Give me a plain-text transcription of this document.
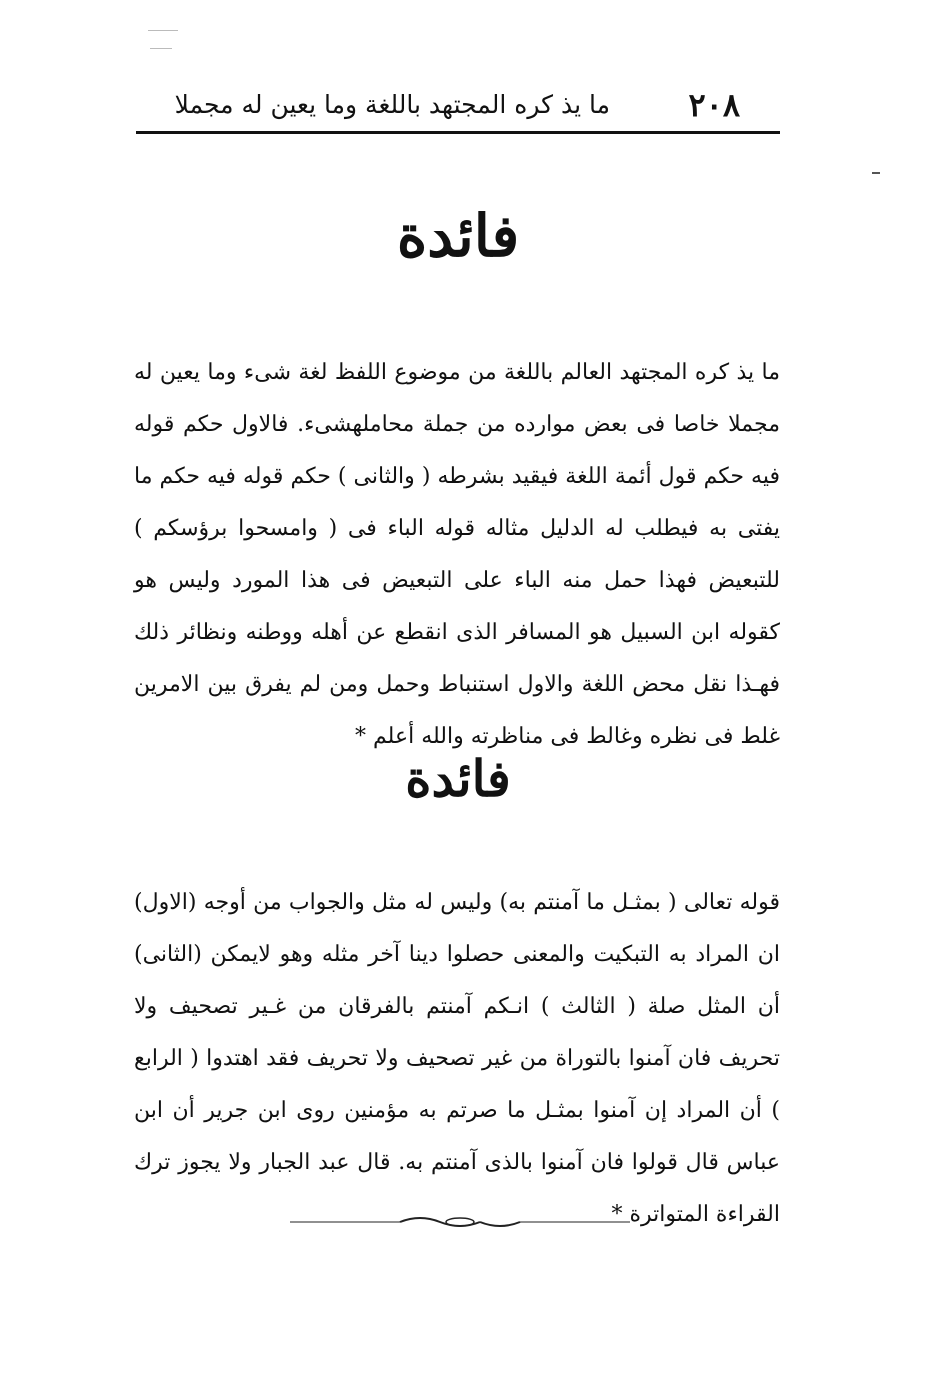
٢٠٨
ما يذ كره المجتهد باللغة وما يعين له مجملا
فائدة

ما يذ كره المجتهد العالم باللغة من موضوع اللفظ لغة شىء وما يعين له مجملا خاصا فى بعض موارده من جملة محاملهشىء. فالاول حكم قوله فيه حكم قول أئمة اللغة فيقيد بشرطه ( والثانى ) حكم قوله فيه حكم ما يفتى به فيطلب له الدليل مثاله قوله الباء فى ( وامسحوا برؤسكم ) للتبعيض فهذا حمل منه الباء على التبعيض فى هذا المورد وليس هو كقوله ابن السبيل هو المسافر الذى انقطع عن أهله ووطنه ونظائر ذلك فهـذا نقل محض اللغة والاول استنباط وحمل ومن لم يفرق بين الامرين غلط فى نظره وغالط فى مناظرته والله أعلم *

فائدة

قوله تعالى ( بمثـل ما آمنتم به) وليس له مثل والجواب من أوجه (الاول) ان المراد به التبكيت والمعنى حصلوا دينا آخر مثله وهو لايمكن (الثانى) أن المثل صلة ( الثالث ) انـكم آمنتم بالفرقان من غـير تصحيف ولا تحريف فان آمنوا بالتوراة من غير تصحيف ولا تحريف فقد اهتدوا ( الرابع ) أن المراد إن آمنوا بمثـل ما صرتم به مؤمنين روى ابن جرير أن ابن عباس قال قولوا فان آمنوا بالذى آمنتم به. قال عبد الجبار ولا يجوز ترك القراءة المتواترة *
